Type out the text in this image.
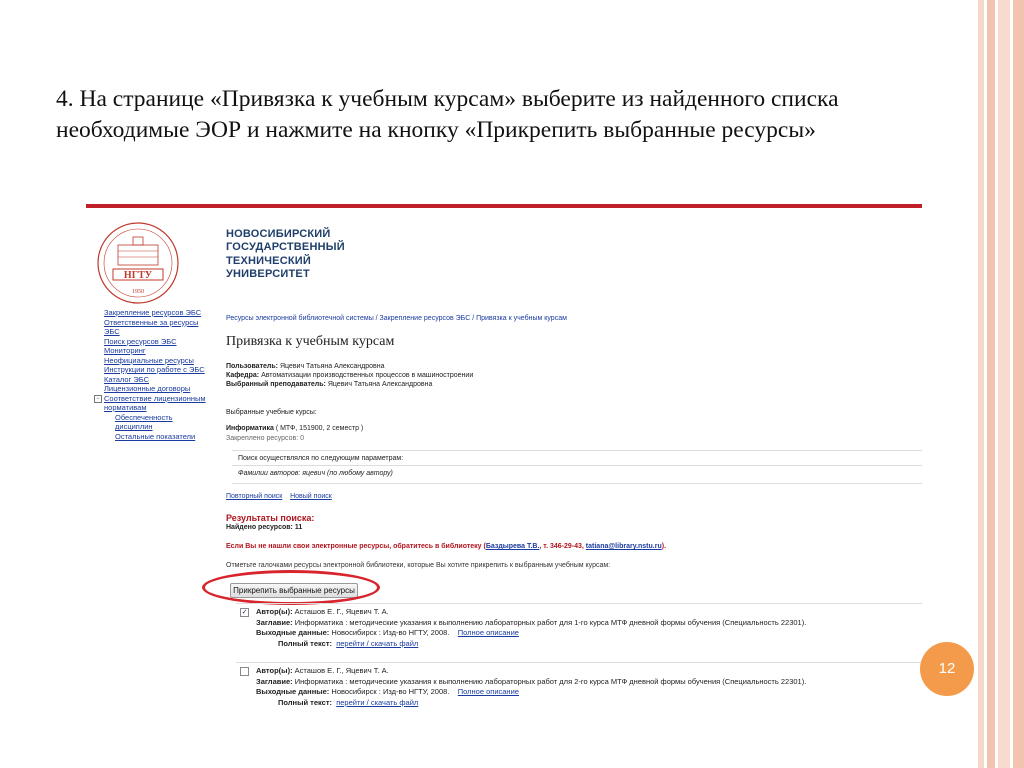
4. На странице «Привязка к учебным курсам» выберите из найденного списка необходимые ЭОР и нажмите на кнопку «Прикрепить выбранные ресурсы»
НГТУ
1950
НОВОСИБИРСКИЙ
ГОСУДАРСТВЕННЫЙ
ТЕХНИЧЕСКИЙ
УНИВЕРСИТЕТ
Закрепление ресурсов ЭБС
Ответственные за ресурсы
ЭБС
Поиск ресурсов ЭБС
Мониторинг
Неофициальные ресурсы
Инструкции по работе с ЭБС
Каталог ЭБС
Лицензионные договоры
− Соответствие лицензионным
нормативам
Обеспеченность
дисциплин
Остальные показатели
Ресурсы электронной библиотечной системы / Закрепление ресурсов ЭБС / Привязка к учебным курсам
Привязка к учебным курсам
Пользователь: Яцевич Татьяна Александровна
Кафедра: Автоматизации производственных процессов в машиностроении
Выбранный преподаватель: Яцевич Татьяна Александровна
Выбранные учебные курсы:
Информатика ( МТФ, 151900, 2 семестр )
Закреплено ресурсов: 0
Поиск осуществлялся по следующим параметрам:
Фамилии авторов: яцевич (по любому автору)
Повторный поиск Новый поиск
Результаты поиска:
Найдено ресурсов: 11
Если Вы не нашли свои электронные ресурсы, обратитесь в библиотеку (Баздырева Т.В., т. 346-29-43, tatiana@library.nstu.ru).
Отметьте галочками ресурсы электронной библиотеки, которые Вы хотите прикрепить к выбранным учебным курсам:
Прикрепить выбранные ресурсы
✓ Автор(ы): Асташов Е. Г., Яцевич Т. А.
Заглавие: Информатика : методические указания к выполнению лабораторных работ для 1-го курса МТФ дневной формы обучения (Специальность 22301).
Выходные данные: Новосибирск : Изд-во НГТУ, 2008. Полное описание
Полный текст: перейти / скачать файл
Автор(ы): Асташов Е. Г., Яцевич Т. А.
Заглавие: Информатика : методические указания к выполнению лабораторных работ для 2-го курса МТФ дневной формы обучения (Специальность 22301).
Выходные данные: Новосибирск : Изд-во НГТУ, 2008. Полное описание
Полный текст: перейти / скачать файл
12
